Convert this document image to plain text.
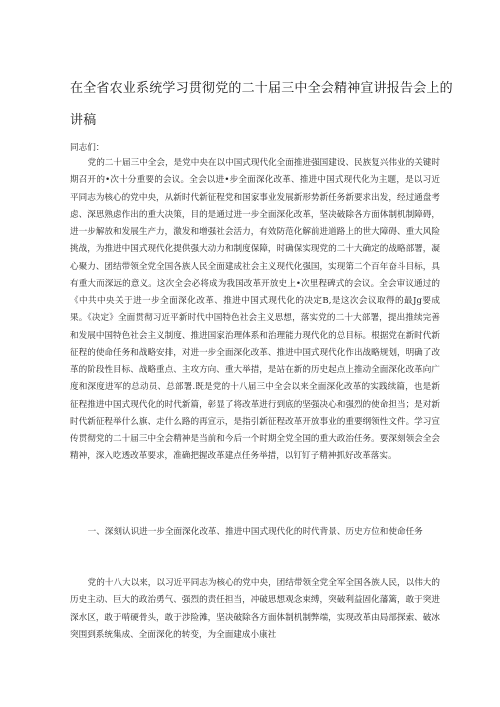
在全省农业系统学习贯彻党的二十届三中全会精神宣讲报告会上的
讲稿

同志们：

党的二十届三中全会，是党中央在以中国式现代化全面推进强国建设、民族复兴伟业的关键时期召开的•次十分重要的会议。全会以进•步全面深化改革、推进中国式现代化为主题，是以习近平同志为核心的党中央，从新时代新征程党和国家事业发展新形势新任务新要求出发，经过通盘考虑、深思熟虑作出的重大决策，目的是通过进一步全面深化改革，坚决破除各方面体制机制障碍，进一步解放和发展生产力，激发和增强社会活力，有效防范化解前进道路上的世大障碍、重大风险挑战，为推进中国式现代化提供强大动力和制度保障，时确保实现党的二十大确定的战略部署，凝心聚力、团结带领全党全国各族人民全面建成社会主义现代化强国，实现第二个百年奋斗目标，具有重大而深远的意义。这次全会必将成为我国改革开放史上•次里程碑式的会议。全会审议通过的《中共中央关于进一步全面深化改革、推进中国式现代化的决定B,是这次会议取得的最Jg要成果。《决定》全面贯彻习近平新时代中国特色社会主义思想，落实党的二十大部署，提出推续完善和发展中国特色社会主义制度、推进国家治理体系和治理能力现代化的总目标。根据党在新时代新征程的使命任务和战略安排，对进一步全面深化改革、推进中国式现代化作出战略规划，明确了改革的阶段性目标、战略重点、主攻方向、重大举措，是站在新的历史起点上推动全面深化改革向广度和深度进军的总动员、总部署.既是党的十八届三中全会以来全面深化改革的实践续篇，也是新征程推进中国式现代化的时代新篇，彰显了将改革进行到底的坚强决心和强烈的使命担当；是对新时代新征程举什么旗、走什么路的再宣示，是指引新征程改革开放事业的重要纲领性文件。学习宣传贯彻党的二十届三中全会精神是当前和今后一个时期全党全国的重大政治任务。要深刻领会全会精神，深入吃透改革要求，准确把握改革建点任务举措，以钉钉子精神抓好改革落实。

一、深刻认识进一步全面深化改革、推进中国式现代化的时代背景、历史方位和使命任务

党的十八大以来，以习近平同志为核心的党中央，团结带领全党全军全国各族人民，以伟大的历史主动、巨大的政治勇气、强烈的责任担当，冲破思想观念束缚，突破利益固化藩篱，敢于突进深水区，敢于啃硬骨头，敢于涉险滩，坚决破除各方面体制机制弊端，实现改革由局部探索、破冰突围到系统集成、全面深化的转变，为全面建成小康社
